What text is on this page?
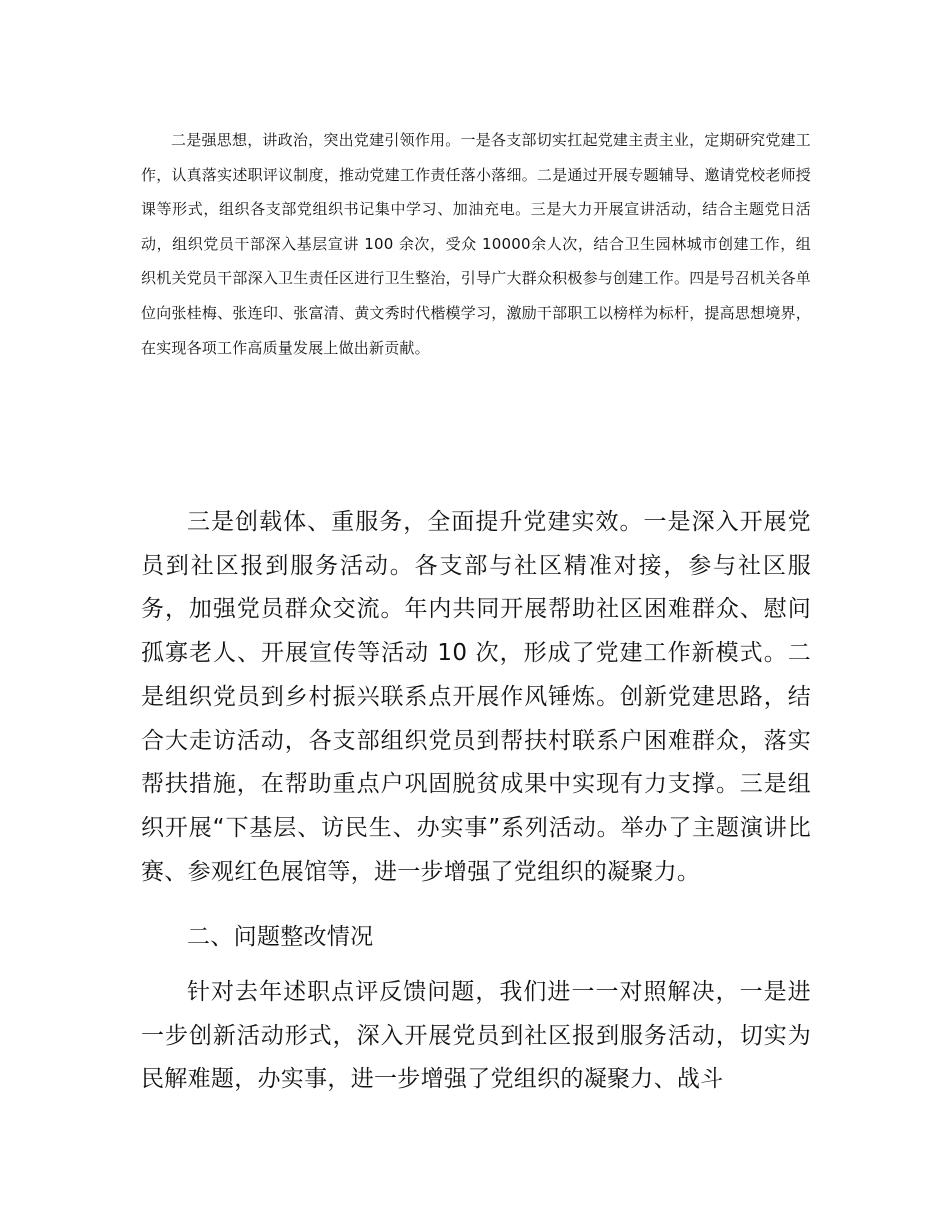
二是强思想，讲政治，突出党建引领作用。一是各支部切实扛起党建主责主业，定期研究党建工作，认真落实述职评议制度，推动党建工作责任落小落细。二是通过开展专题辅导、邀请党校老师授课等形式，组织各支部党组织书记集中学习、加油充电。三是大力开展宣讲活动，结合主题党日活动，组织党员干部深入基层宣讲 100 余次，受众 10000余人次，结合卫生园林城市创建工作，组织机关党员干部深入卫生责任区进行卫生整治，引导广大群众积极参与创建工作。四是号召机关各单位向张桂梅、张连印、张富清、黄文秀时代楷模学习，激励干部职工以榜样为标杆，提高思想境界，在实现各项工作高质量发展上做出新贡献。

三是创载体、重服务，全面提升党建实效。一是深入开展党员到社区报到服务活动。各支部与社区精准对接，参与社区服务，加强党员群众交流。年内共同开展帮助社区困难群众、慰问孤寡老人、开展宣传等活动 10 次，形成了党建工作新模式。二是组织党员到乡村振兴联系点开展作风锤炼。创新党建思路，结合大走访活动，各支部组织党员到帮扶村联系户困难群众，落实帮扶措施，在帮助重点户巩固脱贫成果中实现有力支撑。三是组织开展“下基层、访民生、办实事”系列活动。举办了主题演讲比赛、参观红色展馆等，进一步增强了党组织的凝聚力。

二、问题整改情况

针对去年述职点评反馈问题，我们进一一对照解决，一是进一步创新活动形式，深入开展党员到社区报到服务活动，切实为民解难题，办实事，进一步增强了党组织的凝聚力、战斗
